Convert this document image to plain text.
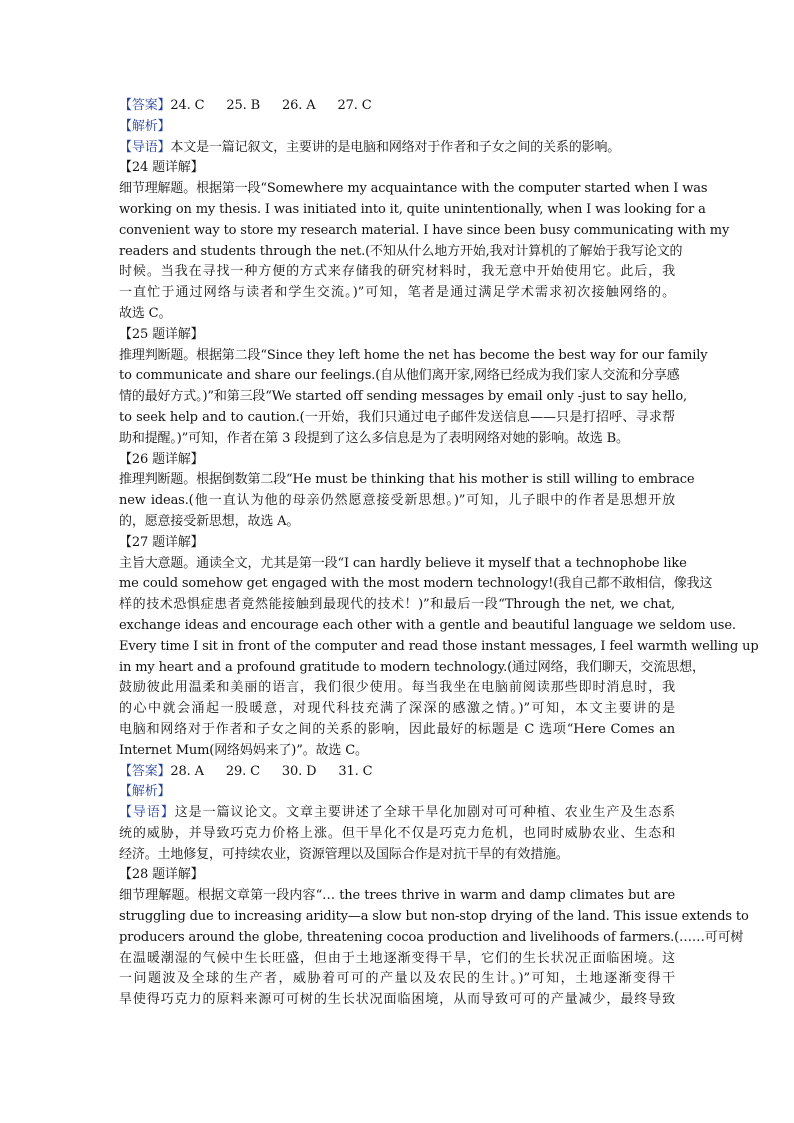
【答案】24. C 25. B 26. A 27. C
【解析】
【导语】本文是一篇记叙文，主要讲的是电脑和网络对于作者和子女之间的关系的影响。
【24 题详解】
细节理解题。根据第一段“Somewhere my acquaintance with the computer started when I was
working on my thesis. I was initiated into it, quite unintentionally, when I was looking for a
convenient way to store my research material. I have since been busy communicating with my
readers and students through the net.(不知从什么地方开始,我对计算机的了解始于我写论文的
时候。当我在寻找一种方便的方式来存储我的研究材料时，我无意中开始使用它。此后，我
一直忙于通过网络与读者和学生交流。)”可知，笔者是通过满足学术需求初次接触网络的。
故选 C。
【25 题详解】
推理判断题。根据第二段“Since they left home the net has become the best way for our family
to communicate and share our feelings.(自从他们离开家,网络已经成为我们家人交流和分享感
情的最好方式。)”和第三段“We started off sending messages by email only -just to say hello,
to seek help and to caution.(一开始，我们只通过电子邮件发送信息——只是打招呼、寻求帮
助和提醒。)”可知，作者在第 3 段提到了这么多信息是为了表明网络对她的影响。故选 B。
【26 题详解】
推理判断题。根据倒数第二段“He must be thinking that his mother is still willing to embrace
new ideas.(他一直认为他的母亲仍然愿意接受新思想。)”可知，儿子眼中的作者是思想开放
的，愿意接受新思想，故选 A。
【27 题详解】
主旨大意题。通读全文，尤其是第一段“I can hardly believe it myself that a technophobe like
me could somehow get engaged with the most modern technology!(我自己都不敢相信，像我这
样的技术恐惧症患者竟然能接触到最现代的技术！)”和最后一段“Through the net, we chat,
exchange ideas and encourage each other with a gentle and beautiful language we seldom use.
Every time I sit in front of the computer and read those instant messages, I feel warmth welling up
in my heart and a profound gratitude to modern technology.(通过网络，我们聊天，交流思想，
鼓励彼此用温柔和美丽的语言，我们很少使用。每当我坐在电脑前阅读那些即时消息时，我
的心中就会涌起一股暖意，对现代科技充满了深深的感激之情。)”可知，本文主要讲的是
电脑和网络对于作者和子女之间的关系的影响，因此最好的标题是 C 选项“Here Comes an
Internet Mum(网络妈妈来了)”。故选 C。
【答案】28. A 29. C 30. D 31. C
【解析】
【导语】这是一篇议论文。文章主要讲述了全球干旱化加剧对可可种植、农业生产及生态系
统的威胁，并导致巧克力价格上涨。但干旱化不仅是巧克力危机，也同时威胁农业、生态和
经济。土地修复，可持续农业，资源管理以及国际合作是对抗干旱的有效措施。
【28 题详解】
细节理解题。根据文章第一段内容“… the trees thrive in warm and damp climates but are
struggling due to increasing aridity—a slow but non-stop drying of the land. This issue extends to
producers around the globe, threatening cocoa production and livelihoods of farmers.(……可可树
在温暖潮湿的气候中生长旺盛，但由于土地逐渐变得干旱，它们的生长状况正面临困境。这
一问题波及全球的生产者，威胁着可可的产量以及农民的生计。)”可知，土地逐渐变得干
旱使得巧克力的原料来源可可树的生长状况面临困境，从而导致可可的产量减少，最终导致
